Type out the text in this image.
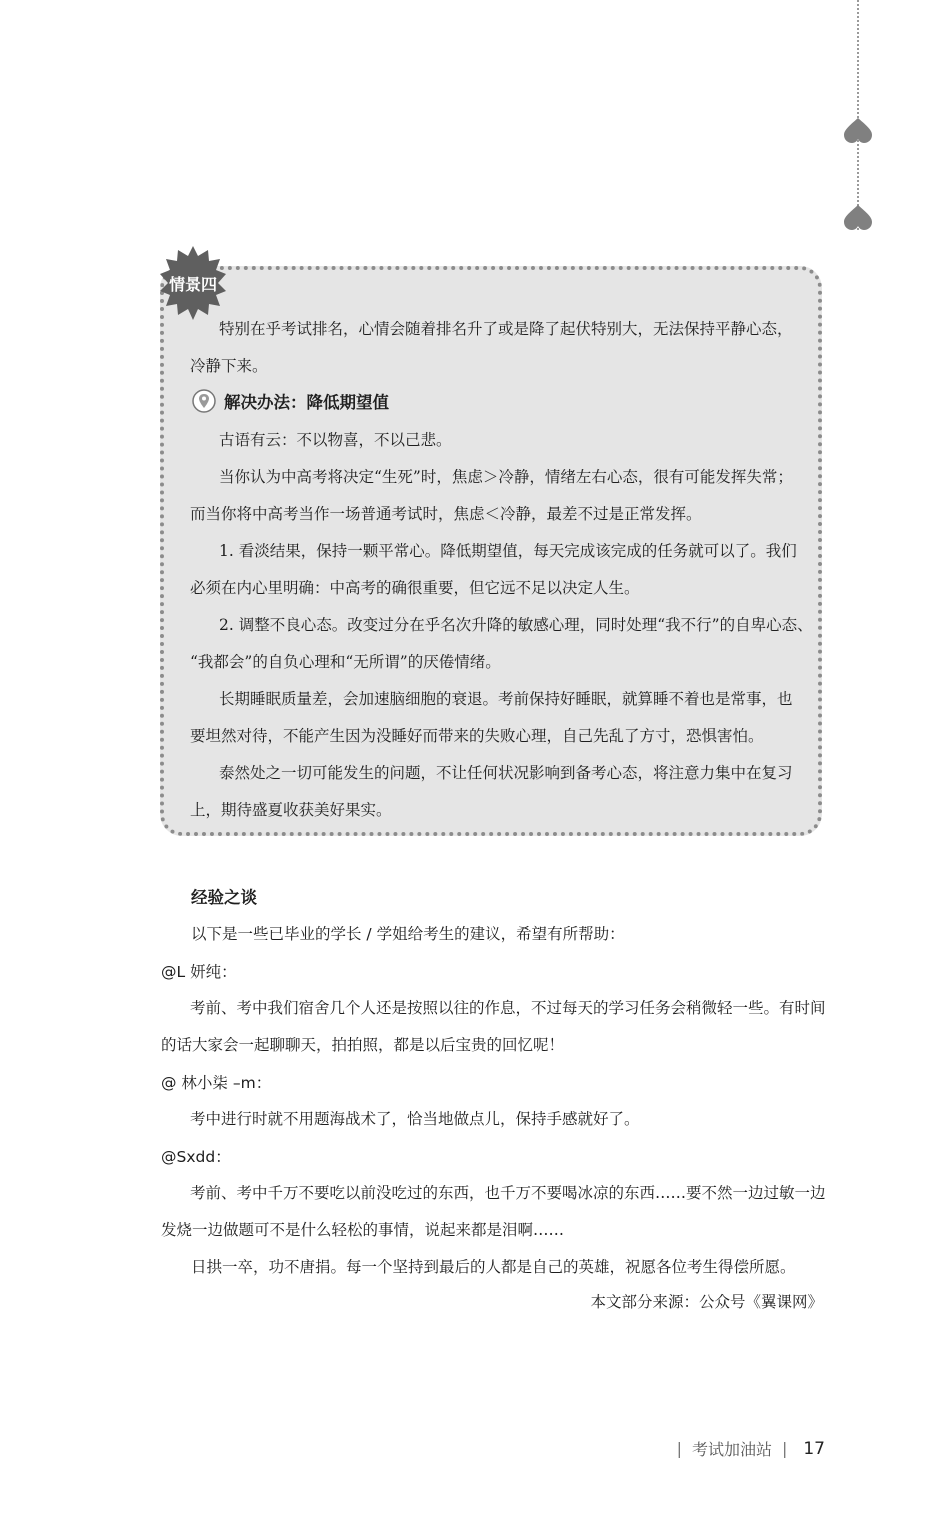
情景四
特别在乎考试排名，心情会随着排名升了或是降了起伏特别大，无法保持平静心态，
冷静下来。
解决办法：降低期望值
古语有云：不以物喜，不以己悲。
当你认为中高考将决定“生死”时，焦虑＞冷静，情绪左右心态，很有可能发挥失常；
而当你将中高考当作一场普通考试时，焦虑＜冷静，最差不过是正常发挥。
1. 看淡结果，保持一颗平常心。降低期望值，每天完成该完成的任务就可以了。我们
必须在内心里明确：中高考的确很重要，但它远不足以决定人生。
2. 调整不良心态。改变过分在乎名次升降的敏感心理，同时处理“我不行”的自卑心态、
“我都会”的自负心理和“无所谓”的厌倦情绪。
长期睡眠质量差，会加速脑细胞的衰退。考前保持好睡眠，就算睡不着也是常事，也
要坦然对待，不能产生因为没睡好而带来的失败心理，自己先乱了方寸，恐惧害怕。
泰然处之一切可能发生的问题，不让任何状况影响到备考心态，将注意力集中在复习
上，期待盛夏收获美好果实。
经验之谈
以下是一些已毕业的学长 / 学姐给考生的建议，希望有所帮助：
@L 妍纯：
考前、考中我们宿舍几个人还是按照以往的作息，不过每天的学习任务会稍微轻一些。有时间
的话大家会一起聊聊天，拍拍照，都是以后宝贵的回忆呢！
@ 林小柒 –m：
考中进行时就不用题海战术了，恰当地做点儿，保持手感就好了。
@Sxdd：
考前、考中千万不要吃以前没吃过的东西，也千万不要喝冰凉的东西……要不然一边过敏一边
发烧一边做题可不是什么轻松的事情，说起来都是泪啊……
日拱一卒，功不唐捐。每一个坚持到最后的人都是自己的英雄，祝愿各位考生得偿所愿。
本文部分来源：公众号《翼课网》
| 考试加油站 | 17
